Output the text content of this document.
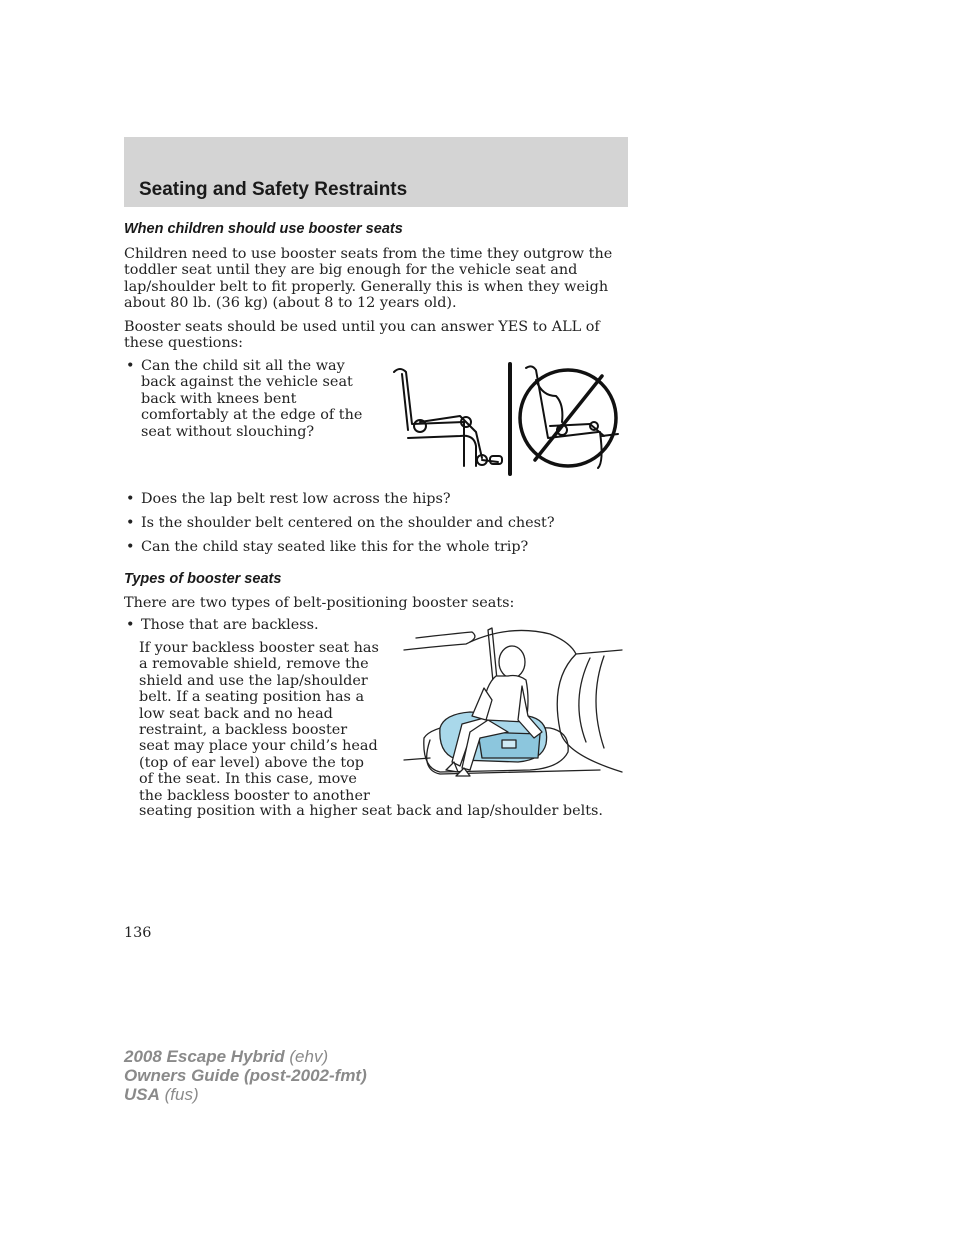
Seating and Safety Restraints
When children should use booster seats
Children need to use booster seats from the time they outgrow the toddler seat until they are big enough for the vehicle seat and lap/shoulder belt to fit properly. Generally this is when they weigh about 80 lb. (36 kg) (about 8 to 12 years old).
Booster seats should be used until you can answer YES to ALL of these questions:
• Can the child sit all the way back against the vehicle seat back with knees bent comfortably at the edge of the seat without slouching?
• Does the lap belt rest low across the hips?
• Is the shoulder belt centered on the shoulder and chest?
• Can the child stay seated like this for the whole trip?
Types of booster seats
There are two types of belt-positioning booster seats:
• Those that are backless.
If your backless booster seat has a removable shield, remove the shield and use the lap/shoulder belt. If a seating position has a low seat back and no head restraint, a backless booster seat may place your child’s head (top of ear level) above the top of the seat. In this case, move the backless booster to another
seating position with a higher seat back and lap/shoulder belts.
136
2008 Escape Hybrid (ehv)
Owners Guide (post-2002-fmt)
USA (fus)
